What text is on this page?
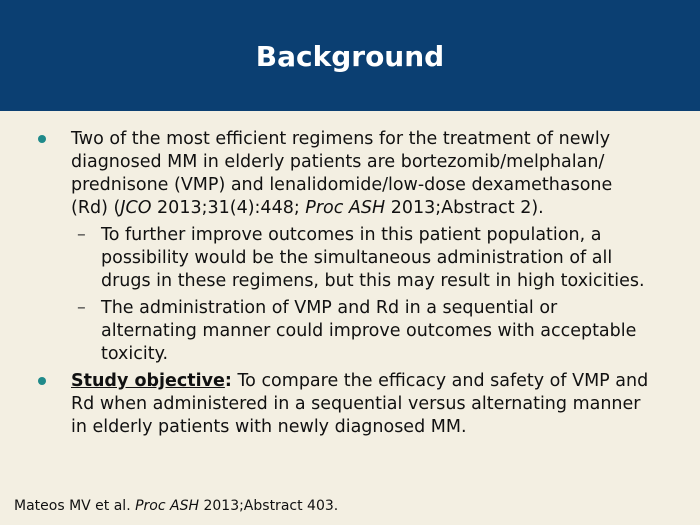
Background
Two of the most efficient regimens for the treatment of newly diagnosed MM in elderly patients are bortezomib/melphalan/ prednisone (VMP) and lenalidomide/low-dose dexamethasone (Rd) (JCO 2013;31(4):448; Proc ASH 2013;Abstract 2).
– To further improve outcomes in this patient population, a possibility would be the simultaneous administration of all drugs in these regimens, but this may result in high toxicities.
– The administration of VMP and Rd in a sequential or alternating manner could improve outcomes with acceptable toxicity.
Study objective: To compare the efficacy and safety of VMP and Rd when administered in a sequential versus alternating manner in elderly patients with newly diagnosed MM.
Mateos MV et al. Proc ASH 2013;Abstract 403.
